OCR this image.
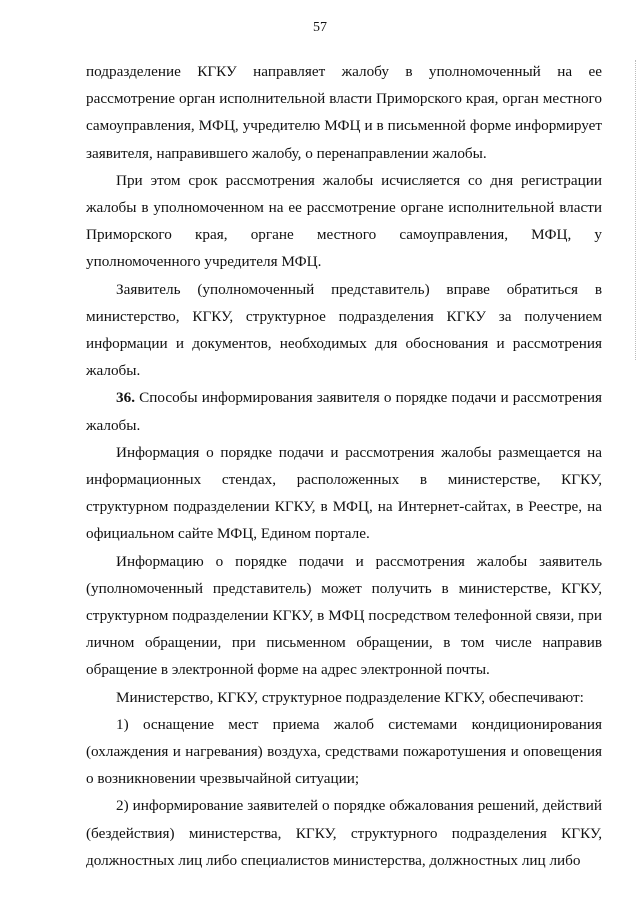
57

подразделение КГКУ направляет жалобу в уполномоченный на ее рассмотрение орган исполнительной власти Приморского края, орган местного самоуправления, МФЦ, учредителю МФЦ и в письменной форме информирует заявителя, направившего жалобу, о перенаправлении жалобы.

При этом срок рассмотрения жалобы исчисляется со дня регистрации жалобы в уполномоченном на ее рассмотрение органе исполнительной власти Приморского края, органе местного самоуправления, МФЦ, у уполномоченного учредителя МФЦ.

Заявитель (уполномоченный представитель) вправе обратиться в министерство, КГКУ, структурное подразделения КГКУ за получением информации и документов, необходимых для обоснования и рассмотрения жалобы.

36. Способы информирования заявителя о порядке подачи и рассмотрения жалобы.

Информация о порядке подачи и рассмотрения жалобы размещается на информационных стендах, расположенных в министерстве, КГКУ, структурном подразделении КГКУ, в МФЦ, на Интернет-сайтах, в Реестре, на официальном сайте МФЦ, Едином портале.

Информацию о порядке подачи и рассмотрения жалобы заявитель (уполномоченный представитель) может получить в министерстве, КГКУ, структурном подразделении КГКУ, в МФЦ посредством телефонной связи, при личном обращении, при письменном обращении, в том числе направив обращение в электронной форме на адрес электронной почты.

Министерство, КГКУ, структурное подразделение КГКУ, обеспечивают:

1) оснащение мест приема жалоб системами кондиционирования (охлаждения и нагревания) воздуха, средствами пожаротушения и оповещения о возникновении чрезвычайной ситуации;

2) информирование заявителей о порядке обжалования решений, действий (бездействия) министерства, КГКУ, структурного подразделения КГКУ, должностных лиц либо специалистов министерства, должностных лиц либо
